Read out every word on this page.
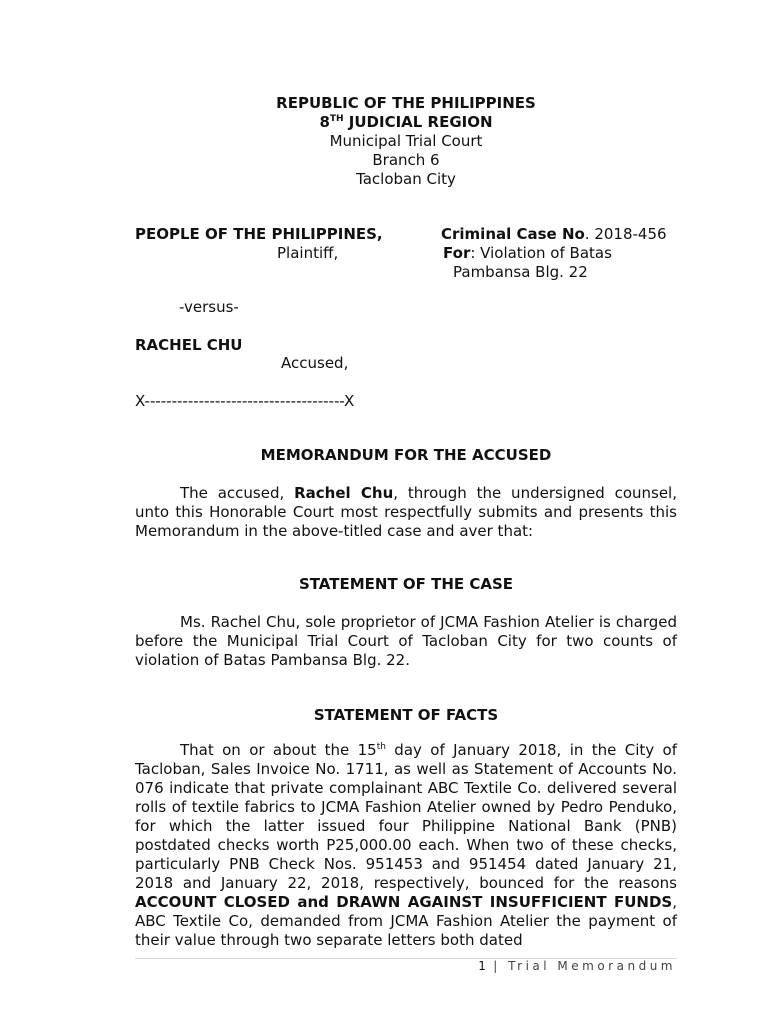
REPUBLIC OF THE PHILIPPINES
8TH JUDICIAL REGION
Municipal Trial Court
Branch 6
Tacloban City
PEOPLE OF THE PHILIPPINES,
Plaintiff,
Criminal Case No. 2018-456
For: Violation of Batas
Pambansa Blg. 22
-versus-
RACHEL CHU
Accused,
X-------------------------------------X
MEMORANDUM FOR THE ACCUSED
The accused, Rachel Chu, through the undersigned counsel, unto this Honorable Court most respectfully submits and presents this Memorandum in the above-titled case and aver that:
STATEMENT OF THE CASE
Ms. Rachel Chu, sole proprietor of JCMA Fashion Atelier is charged before the Municipal Trial Court of Tacloban City for two counts of violation of Batas Pambansa Blg. 22.
STATEMENT OF FACTS
That on or about the 15th day of January 2018, in the City of Tacloban, Sales Invoice No. 1711, as well as Statement of Accounts No. 076 indicate that private complainant ABC Textile Co. delivered several rolls of textile fabrics to JCMA Fashion Atelier owned by Pedro Penduko, for which the latter issued four Philippine National Bank (PNB) postdated checks worth P25,000.00 each. When two of these checks, particularly PNB Check Nos. 951453 and 951454 dated January 21, 2018 and January 22, 2018, respectively, bounced for the reasons ACCOUNT CLOSED and DRAWN AGAINST INSUFFICIENT FUNDS, ABC Textile Co, demanded from JCMA Fashion Atelier the payment of their value through two separate letters both dated
1 | Trial Memorandum
